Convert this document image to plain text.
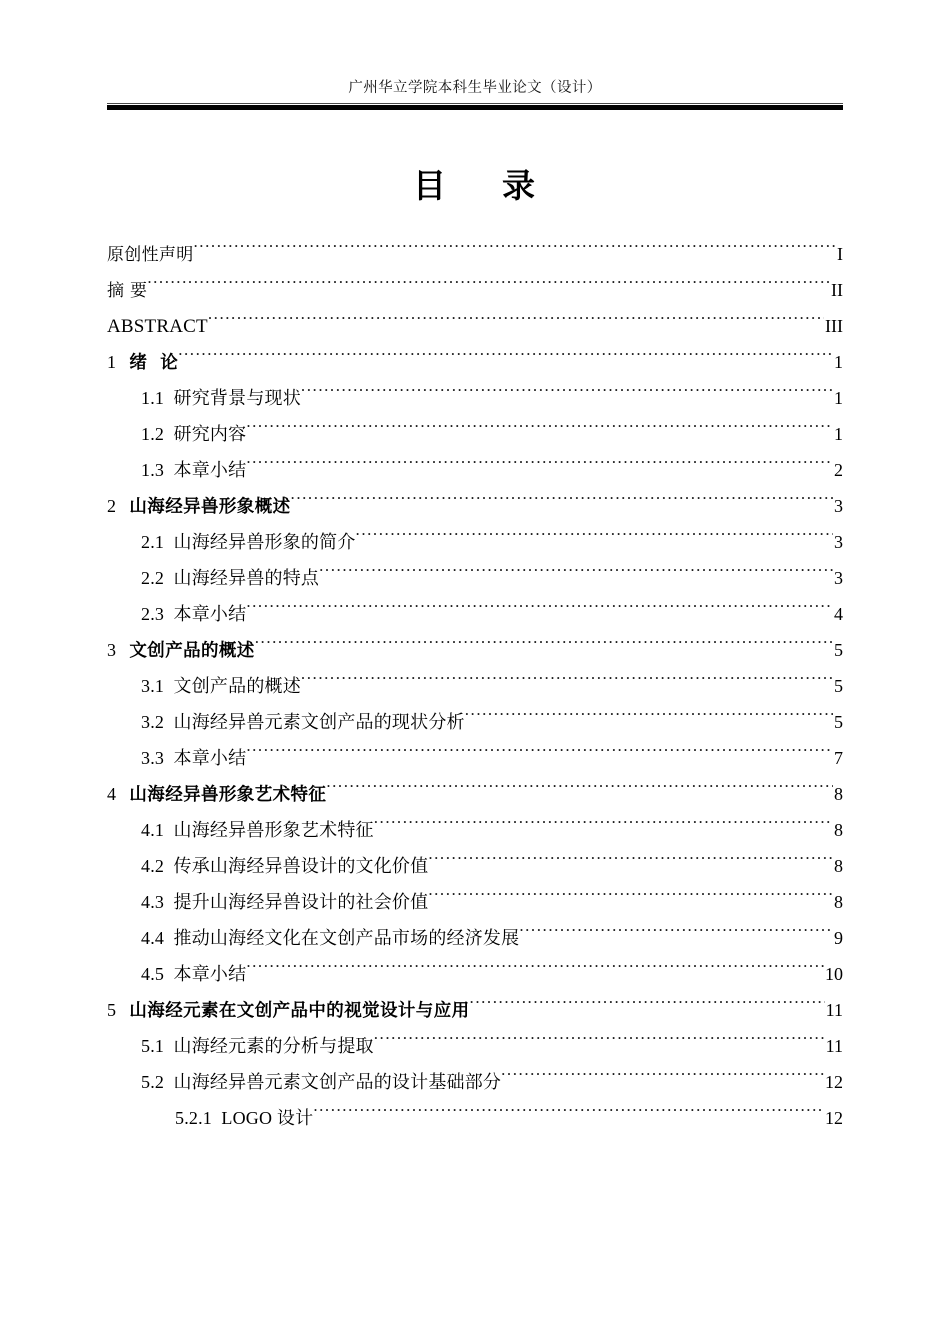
广州华立学院本科生毕业论文（设计）
目    录
原创性声明 .....	I
摘 要 .....	II
ABSTRACT .....	III
1 绪  论 .....	1
1.1 研究背景与现状 .....	1
1.2 研究内容 .....	1
1.3 本章小结 .....	2
2 山海经异兽形象概述 .....	3
2.1 山海经异兽形象的简介 .....	3
2.2 山海经异兽的特点 .....	3
2.3 本章小结 .....	4
3 文创产品的概述 .....	5
3.1 文创产品的概述 .....	5
3.2 山海经异兽元素文创产品的现状分析 .....	5
3.3 本章小结 .....	7
4 山海经异兽形象艺术特征 .....	8
4.1 山海经异兽形象艺术特征 .....	8
4.2 传承山海经异兽设计的文化价值 .....	8
4.3 提升山海经异兽设计的社会价值 .....	8
4.4 推动山海经文化在文创产品市场的经济发展 .....	9
4.5 本章小结 .....	10
5 山海经元素在文创产品中的视觉设计与应用 .....	11
5.1 山海经元素的分析与提取 .....	11
5.2 山海经异兽元素文创产品的设计基础部分 .....	12
5.2.1 LOGO 设计 .....	12
